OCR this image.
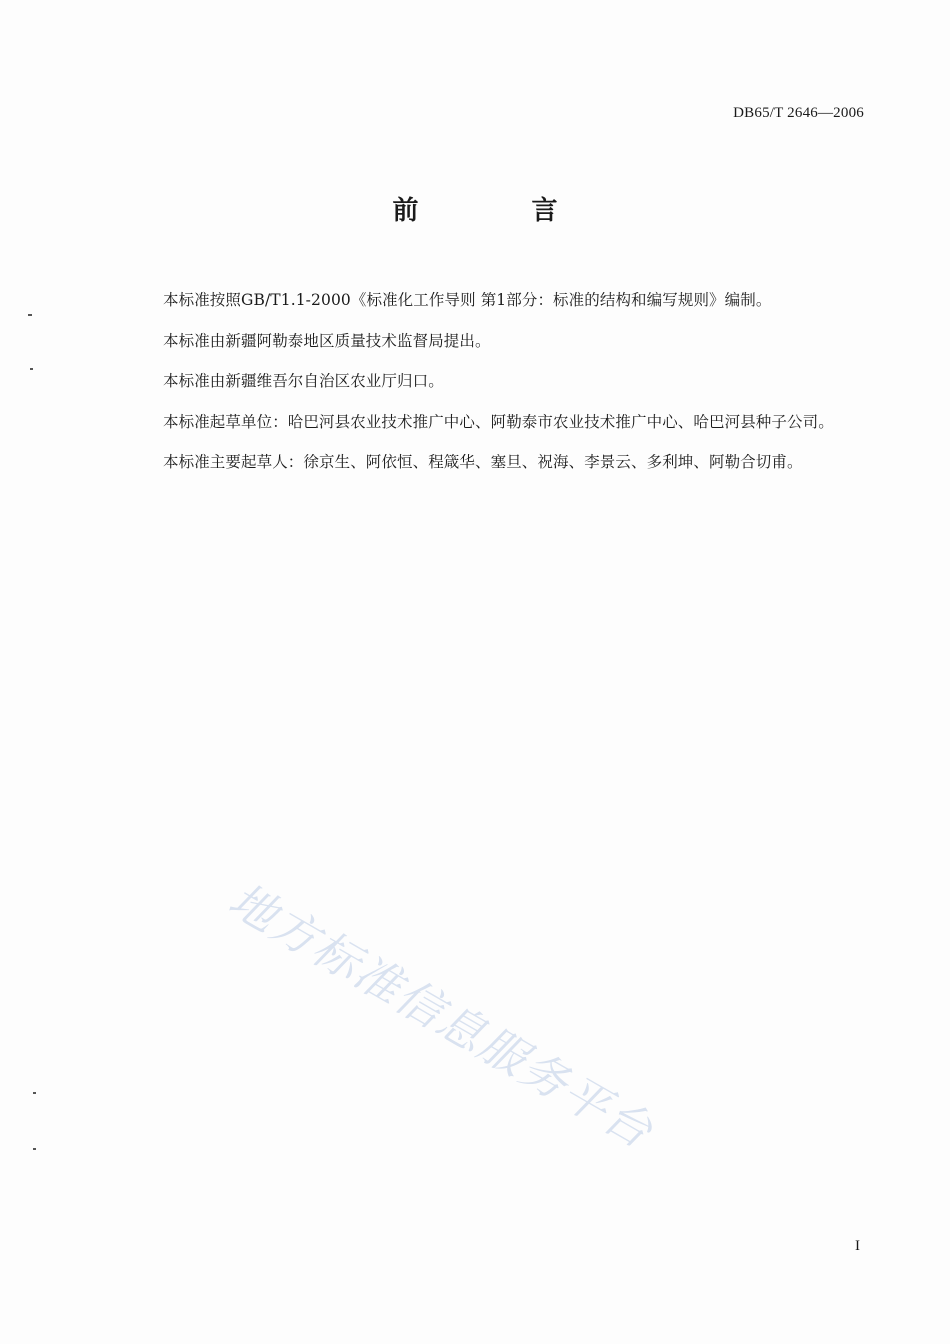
DB65/T 2646—2006
前 言
本标准按照GB/T1.1-2000《标准化工作导则 第1部分：标准的结构和编写规则》编制。
本标准由新疆阿勒泰地区质量技术监督局提出。
本标准由新疆维吾尔自治区农业厅归口。
本标准起草单位：哈巴河县农业技术推广中心、阿勒泰市农业技术推广中心、哈巴河县种子公司。
本标准主要起草人：徐京生、阿依恒、程箴华、塞旦、祝海、李景云、多利坤、阿勒合切甫。
地方标准信息服务平台
I
